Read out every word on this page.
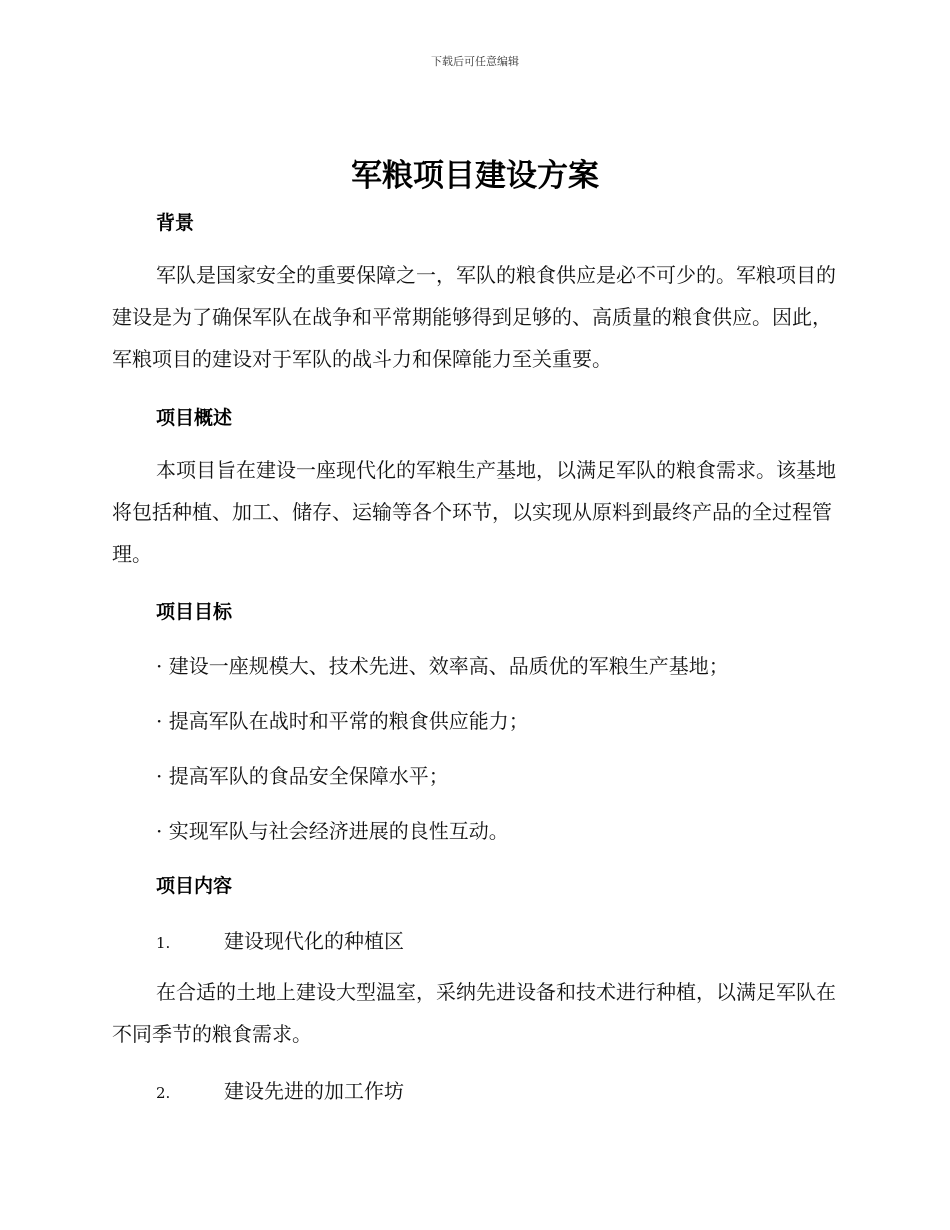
下载后可任意编辑
军粮项目建设方案
背景

军队是国家安全的重要保障之一，军队的粮食供应是必不可少的。军粮项目的建设是为了确保军队在战争和平常期能够得到足够的、高质量的粮食供应。因此，军粮项目的建设对于军队的战斗力和保障能力至关重要。

项目概述

本项目旨在建设一座现代化的军粮生产基地，以满足军队的粮食需求。该基地将包括种植、加工、储存、运输等各个环节，以实现从原料到最终产品的全过程管理。

项目目标
· 建设一座规模大、技术先进、效率高、品质优的军粮生产基地；
· 提高军队在战时和平常的粮食供应能力；
· 提高军队的食品安全保障水平；
· 实现军队与社会经济进展的良性互动。
项目内容
1.	建设现代化的种植区

在合适的土地上建设大型温室，采纳先进设备和技术进行种植，以满足军队在不同季节的粮食需求。

2.	建设先进的加工作坊
